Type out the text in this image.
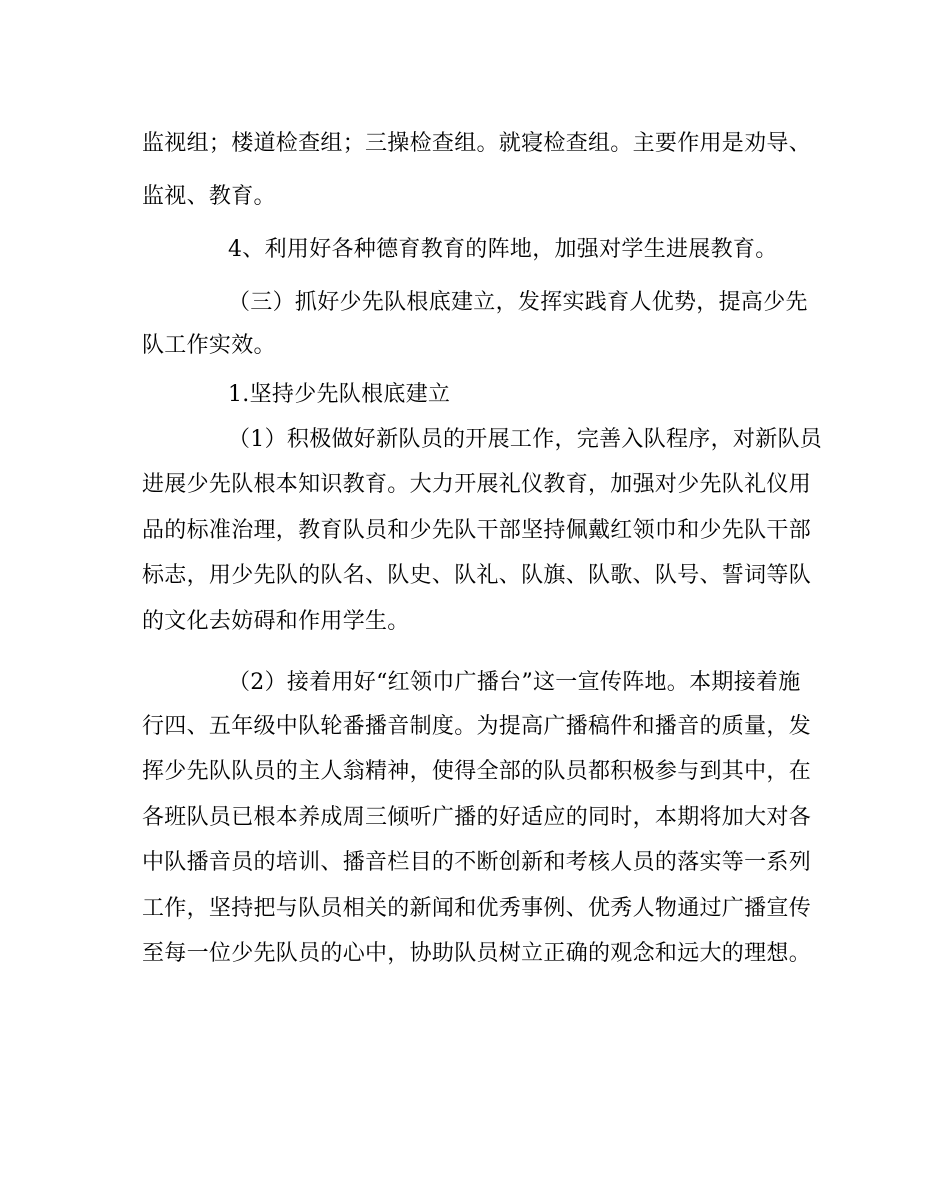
监视组；楼道检查组；三操检查组。就寝检查组。主要作用是劝导、
监视、教育。
4、利用好各种德育教育的阵地，加强对学生进展教育。
（三）抓好少先队根底建立，发挥实践育人优势，提高少先
队工作实效。
1.坚持少先队根底建立
（1）积极做好新队员的开展工作，完善入队程序，对新队员
进展少先队根本知识教育。大力开展礼仪教育，加强对少先队礼仪用
品的标准治理，教育队员和少先队干部坚持佩戴红领巾和少先队干部
标志，用少先队的队名、队史、队礼、队旗、队歌、队号、誓词等队
的文化去妨碍和作用学生。
（2）接着用好“红领巾广播台”这一宣传阵地。本期接着施
行四、五年级中队轮番播音制度。为提高广播稿件和播音的质量，发
挥少先队队员的主人翁精神，使得全部的队员都积极参与到其中，在
各班队员已根本养成周三倾听广播的好适应的同时，本期将加大对各
中队播音员的培训、播音栏目的不断创新和考核人员的落实等一系列
工作，坚持把与队员相关的新闻和优秀事例、优秀人物通过广播宣传
至每一位少先队员的心中，协助队员树立正确的观念和远大的理想。
